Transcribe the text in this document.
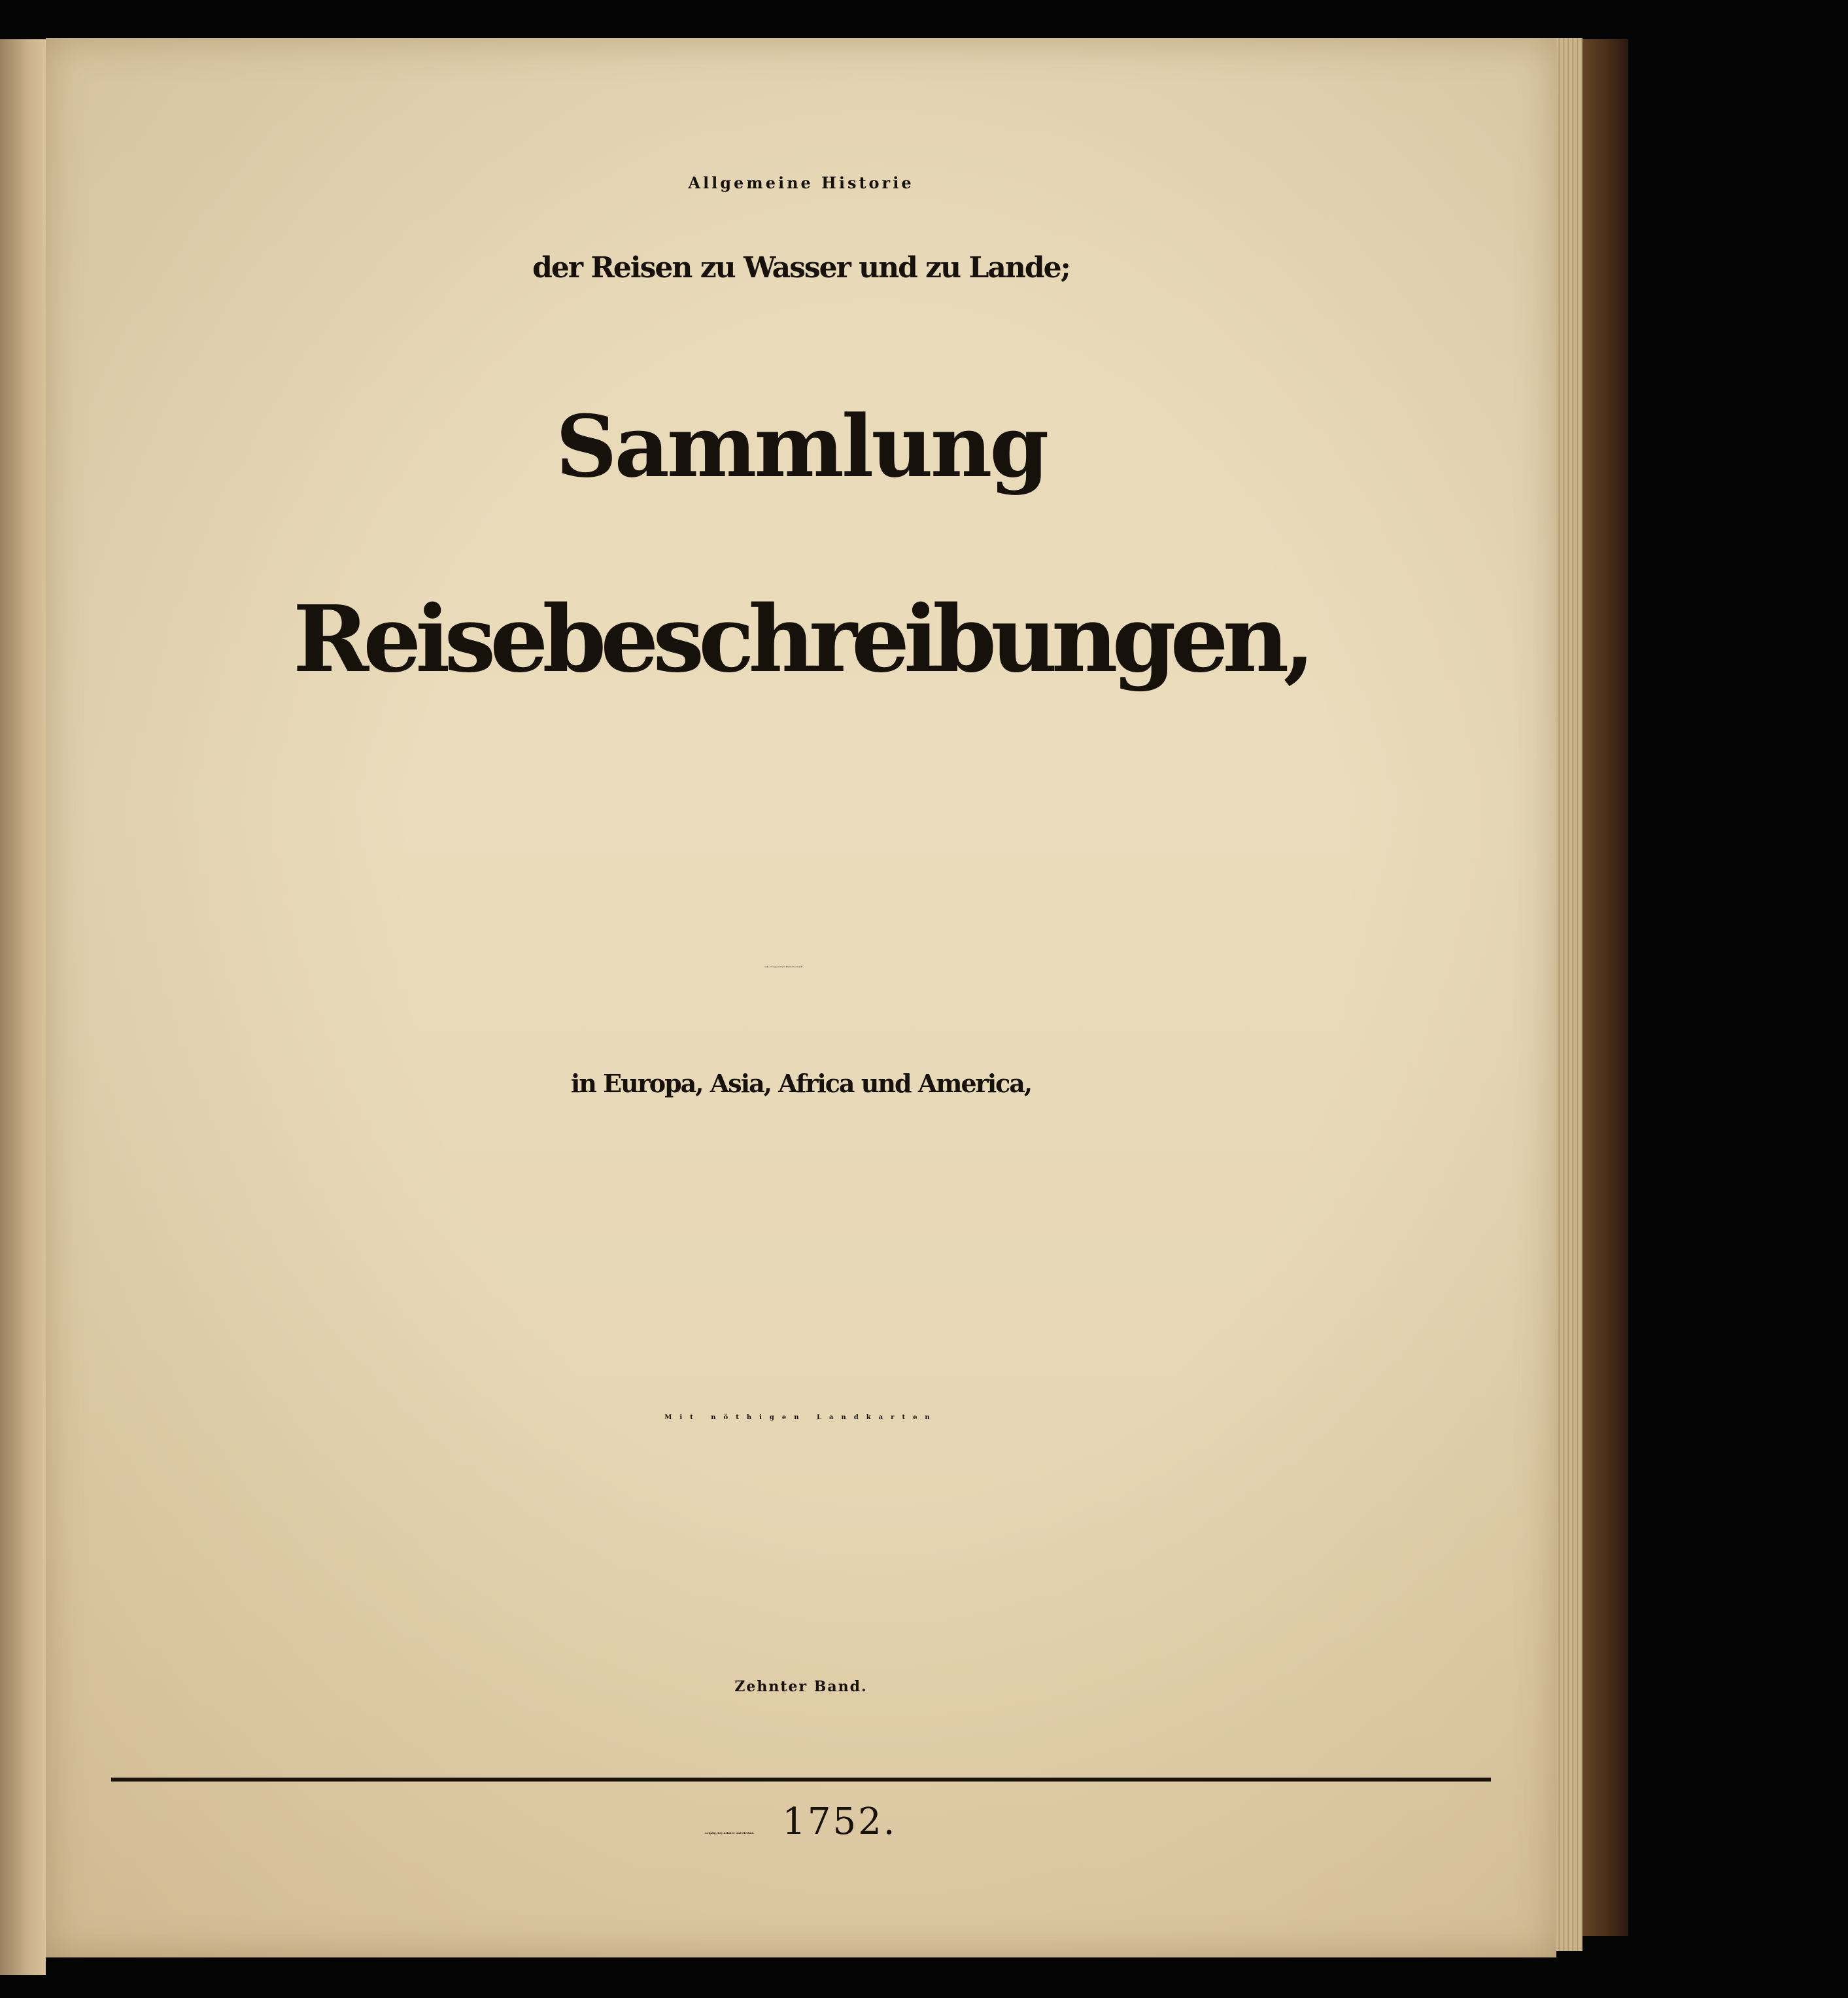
Allgemeine Historie
der Reisen zu Wasser und zu Lande;
Sammlung
Reisebeschreibungen,
in Europa, Asia, Africa und America,
Mit nöthigen Landkarten
Zehnter Band.
Leipzig, bey Arkstee und Merkus. 1752.
